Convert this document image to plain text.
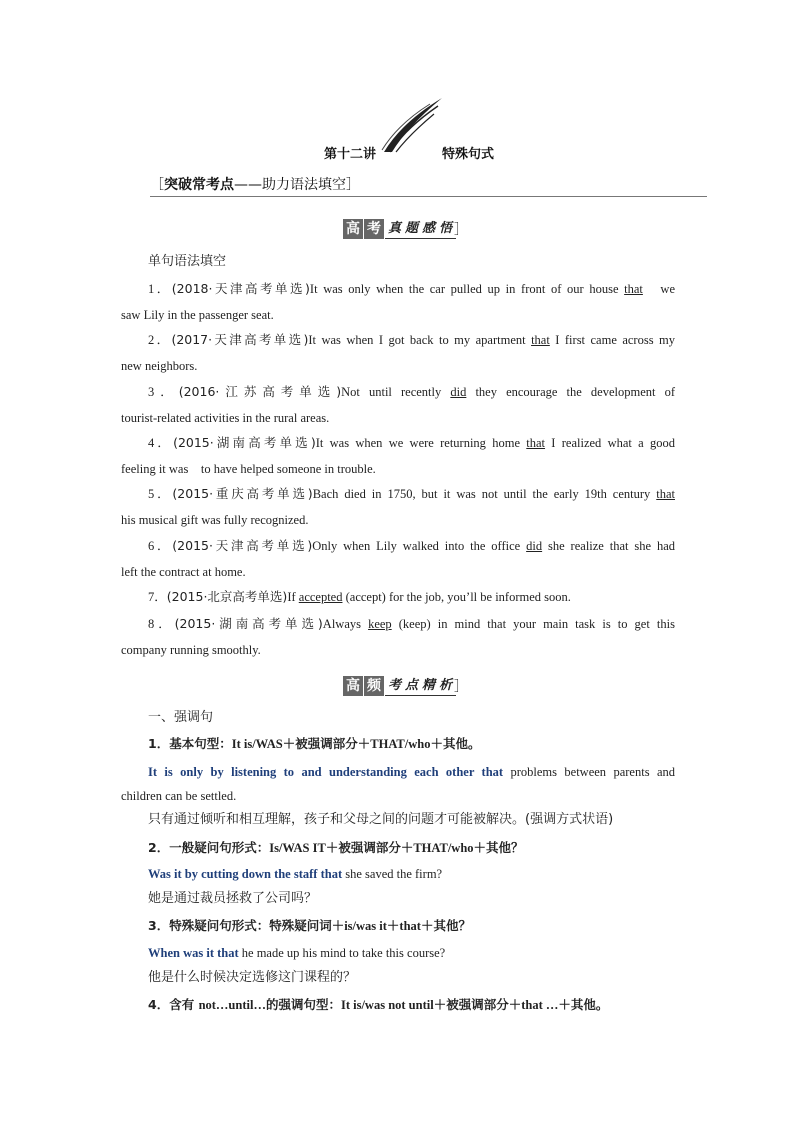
第十二讲	特殊句式
［突破常考点——助力语法填空］
高 考 真题感悟
］
单句语法填空
1．(2018·天津高考单选)It was only when the car pulled up in front of our house that　we
saw Lily in the passenger seat.
2．(2017·天津高考单选)It was when I got back to my apartment that I first came across my
new neighbors.
3．(2016·江苏高考单选)Not until recently did they encourage the development of
tourist-related activities in the rural areas.
4．(2015·湖南高考单选)It was when we were returning home that I realized what a good
feeling it was　to have helped someone in trouble.
5．(2015·重庆高考单选)Bach died in 1750, but it was not until the early 19th century that
his musical gift was fully recognized.
6．(2015·天津高考单选)Only when Lily walked into the office did she realize that she had
left the contract at home.
7．(2015·北京高考单选)If accepted (accept) for the job, you’ll be informed soon.
8．(2015·湖南高考单选)Always keep (keep) in mind that your main task is to get this
company running smoothly.
高 频 考点精析
］
一、强调句
1．基本句型：It is/WAS＋被强调部分＋THAT/who＋其他。
It is only by listening to and understanding each other that problems between parents and
children can be settled.
只有通过倾听和相互理解，孩子和父母之间的问题才可能被解决。(强调方式状语)
2．一般疑问句形式：Is/WAS IT＋被强调部分＋THAT/who＋其他？
Was it by cutting down the staff that she saved the firm?
她是通过裁员拯救了公司吗？
3．特殊疑问句形式：特殊疑问词＋is/was it＋that＋其他？
When was it that he made up his mind to take this course?
他是什么时候决定选修这门课程的？
4．含有 not…until…的强调句型：It is/was not until＋被强调部分＋that …＋其他。
